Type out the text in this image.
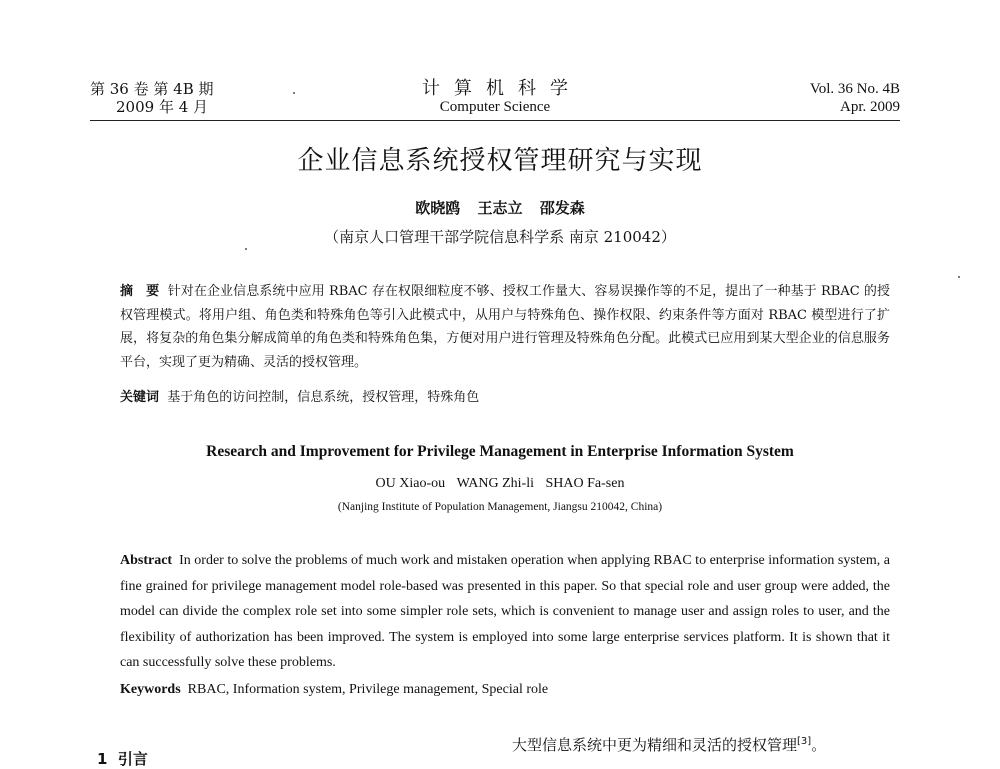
第 36 卷 第 4B 期
2009 年 4 月
计算机科学
Computer Science
Vol. 36 No. 4B
Apr. 2009
企业信息系统授权管理研究与实现
欧晓鸥 王志立 邵发森
（南京人口管理干部学院信息科学系 南京 210042）
摘　要 针对在企业信息系统中应用 RBAC 存在权限细粒度不够、授权工作量大、容易误操作等的不足，提出了一种基于 RBAC 的授权管理模式。将用户组、角色类和特殊角色等引入此模式中，从用户与特殊角色、操作权限、约束条件等方面对 RBAC 模型进行了扩展，将复杂的角色集分解成简单的角色类和特殊角色集，方便对用户进行管理及特殊角色分配。此模式已应用到某大型企业的信息服务平台，实现了更为精确、灵活的授权管理。
关键词 基于角色的访问控制，信息系统，授权管理，特殊角色
Research and Improvement for Privilege Management in Enterprise Information System
OU Xiao-ou WANG Zhi-li SHAO Fa-sen
(Nanjing Institute of Population Management, Jiangsu 210042, China)
Abstract In order to solve the problems of much work and mistaken operation when applying RBAC to enterprise information system, a fine grained for privilege management model role-based was presented in this paper. So that special role and user group were added, the model can divide the complex role set into some simpler role sets, which is convenient to manage user and assign roles to user, and the flexibility of authorization has been improved. The system is employed into some large enterprise services platform. It is shown that it can successfully solve these problems.
Keywords RBAC, Information system, Privilege management, Special role
1 引言
大型信息系统中更为精细和灵活的授权管理[3]。
